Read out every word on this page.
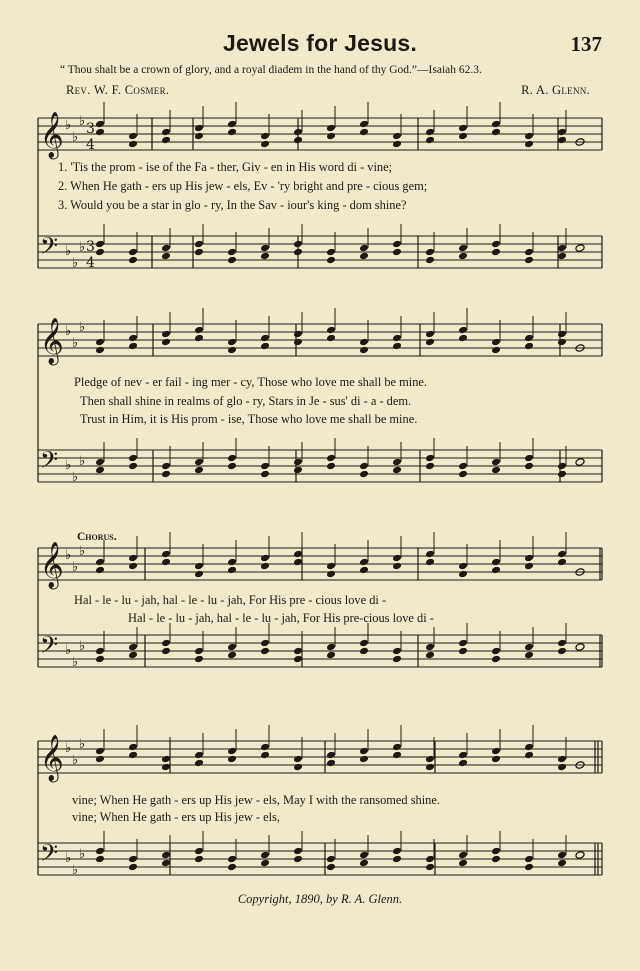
Jewels for Jesus.	137
“ Thou shalt be a crown of glory, and a royal diadem in the hand of thy God.”—Isaiah 62.3.
Rev. W. F. Cosmer.	R. A. Glenn.
𝄞 ♭
♭
♭ 3
4
𝄢 ♭
♭
♭ 3
4
𝄞 ♭
♭
♭
𝄢 ♭
♭
♭
𝄞 ♭
♭
♭
𝄢 ♭
♭
♭
𝄞 ♭
♭
♭
𝄢 ♭
♭
♭
1. 'Tis the prom - ise of the Fa - ther, Giv - en in His word di - vine;
2. When He gath - ers up His jew - els, Ev - 'ry bright and pre - cious gem;
3. Would you be a star in glo - ry, In the Sav - iour's king - dom shine?
Pledge of nev - er fail - ing mer - cy, Those who love me shall be mine.
Then shall shine in realms of glo - ry, Stars in Je - sus' di - a - dem.
Trust in Him, it is His prom - ise, Those who love me shall be mine.
Chorus.
Hal - le - lu - jah, hal - le - lu - jah, For His pre - cious love di -
Hal - le - lu - jah, hal - le - lu - jah, For His pre-cious love di -
vine; When He gath - ers up His jew - els, May I with the ransomed shine.
vine; When He gath - ers up His jew - els,
Copyright, 1890, by R. A. Glenn.
